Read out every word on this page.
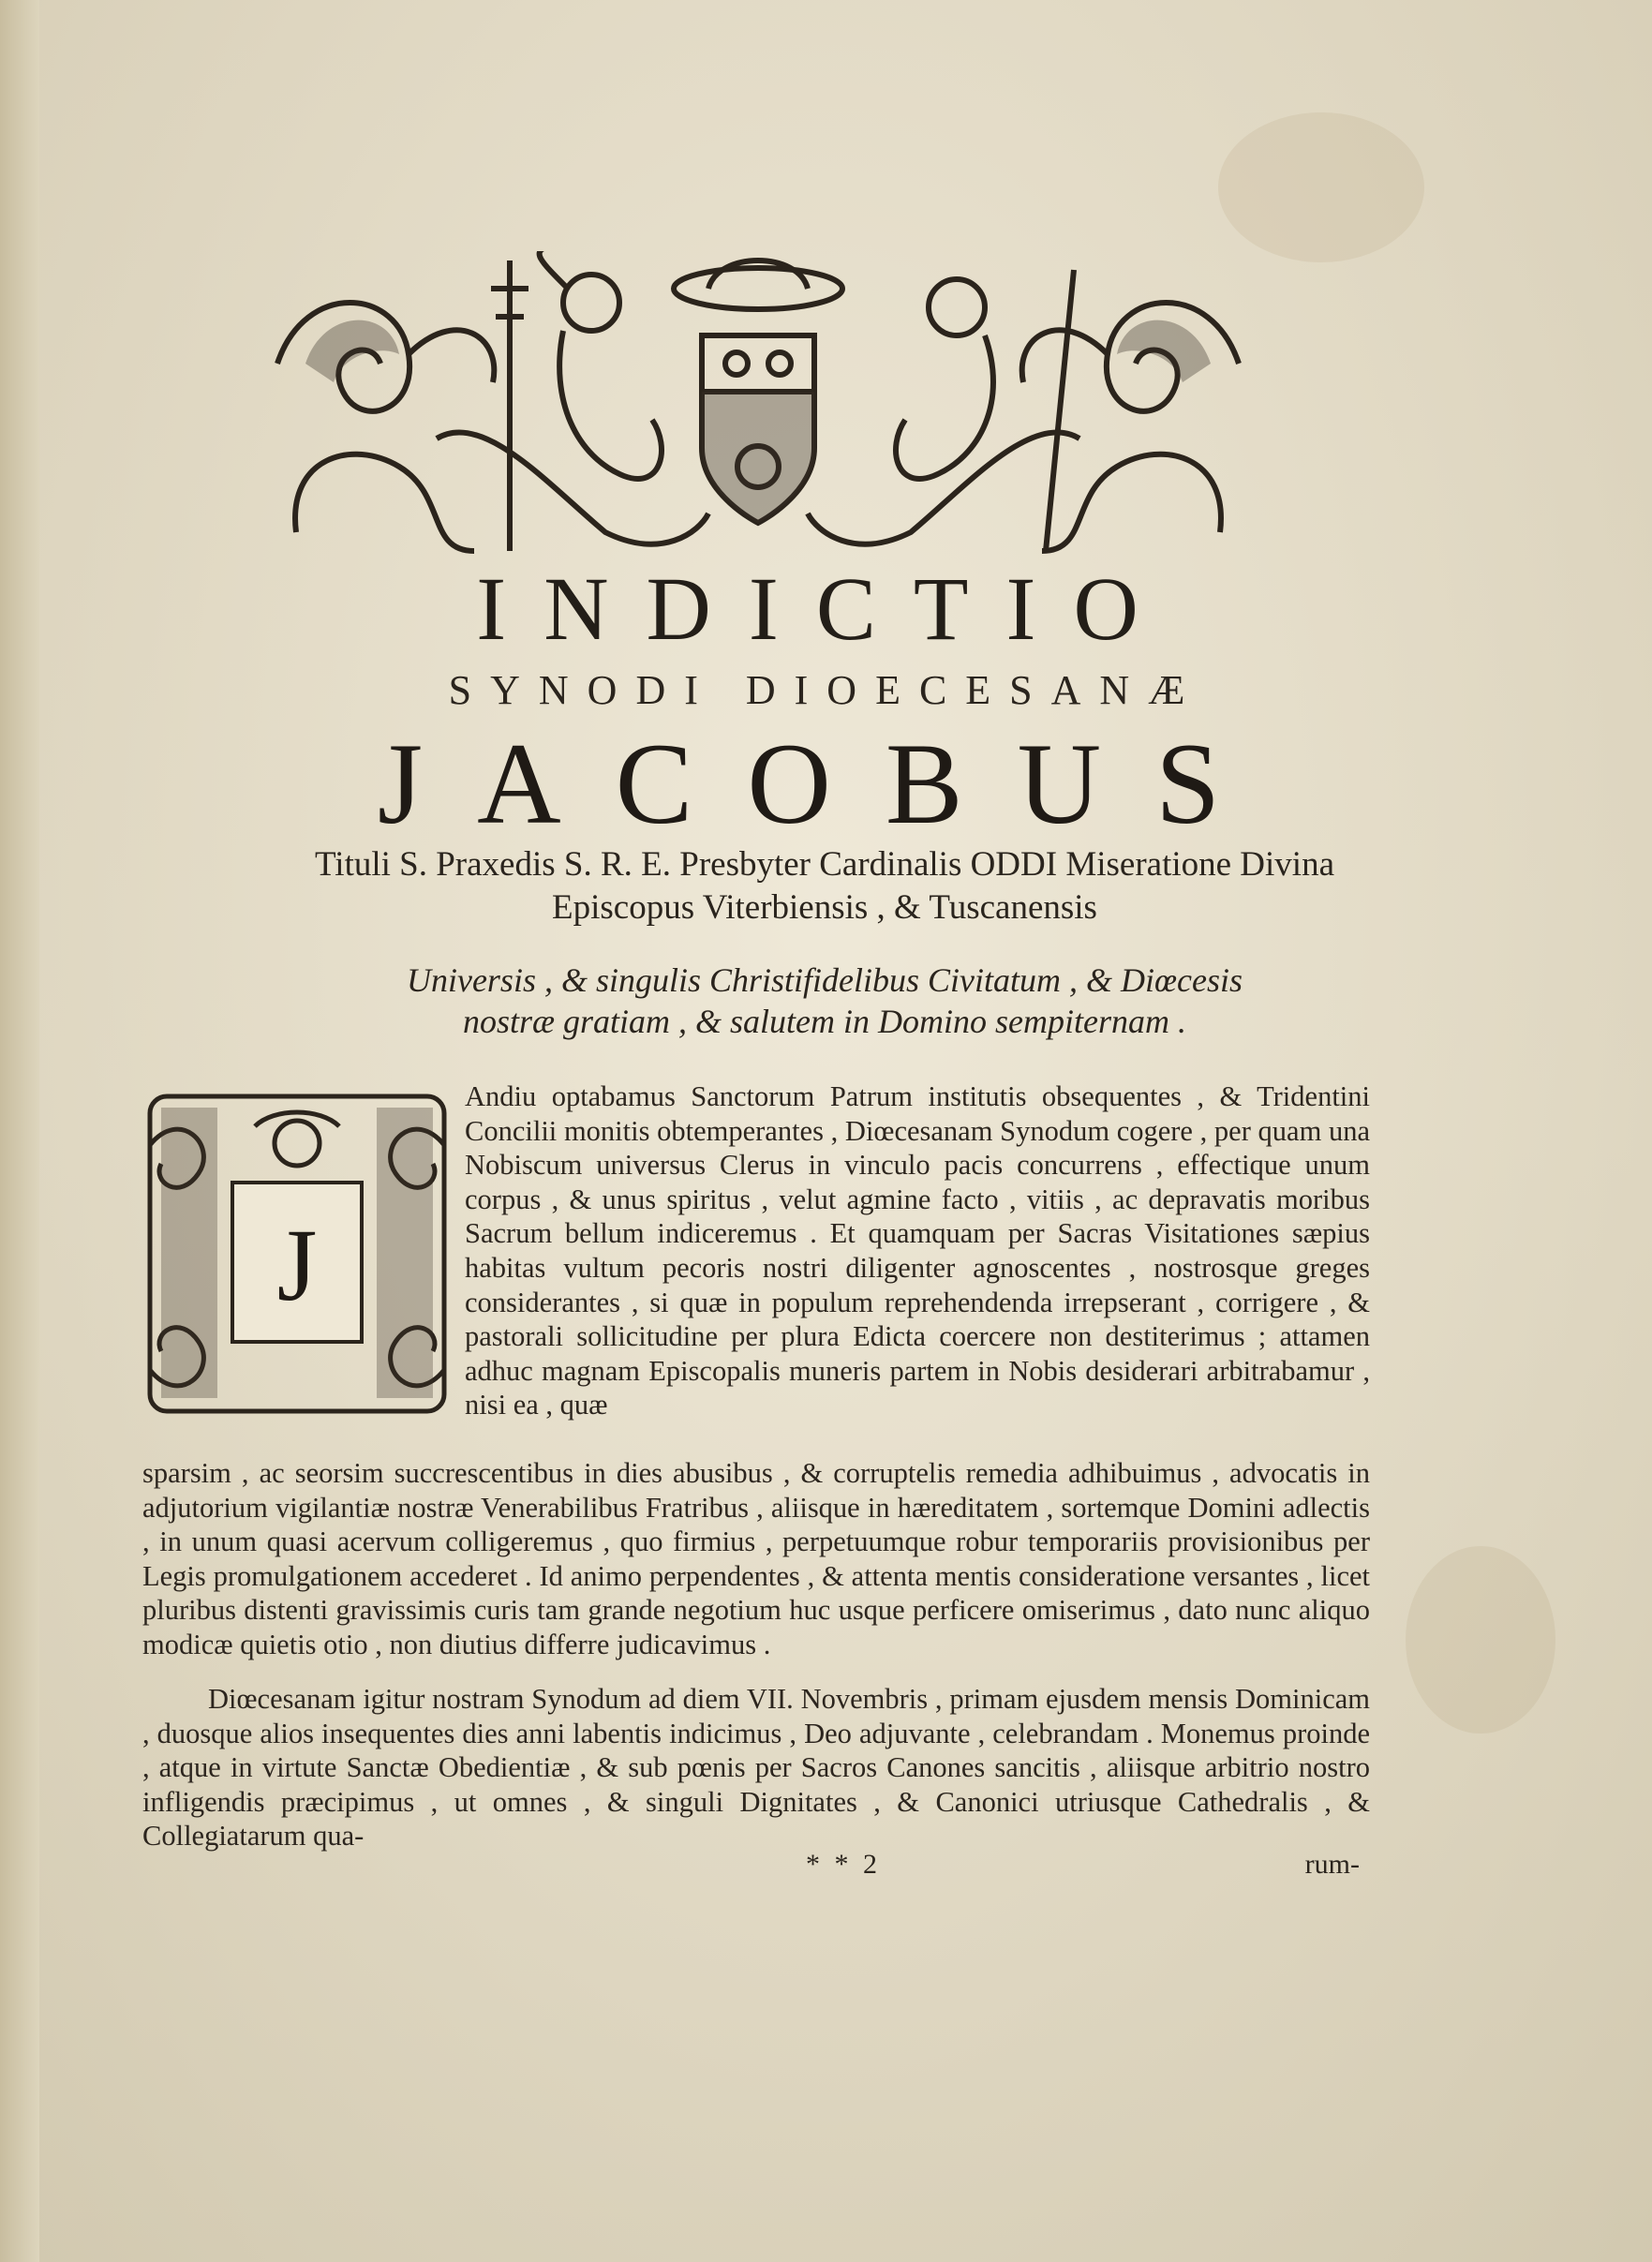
INDICTIO
SYNODI DIOECESANÆ
JACOBUS
Tituli S. Praxedis S. R. E. Presbyter Cardinalis ODDI Miseratione Divina
Episcopus Viterbiensis , & Tuscanensis
Universis , & singulis Christifidelibus Civitatum , & Diœcesis
nostræ gratiam , & salutem in Domino sempiternam .
J
Andiu optabamus Sanctorum Patrum institutis obsequentes , & Tridentini Concilii monitis obtemperantes , Diœcesanam Synodum cogere , per quam una Nobiscum universus Clerus in vinculo pacis concurrens , effectique unum corpus , & unus spiritus , velut agmine facto , vitiis , ac depravatis moribus Sacrum bellum indiceremus . Et quamquam per Sacras Visitationes sæpius habitas vultum pecoris nostri diligenter agnoscentes , nostrosque greges considerantes , si quæ in populum reprehendenda irrepserant , corrigere , & pastorali sollicitudine per plura Edicta coercere non destiterimus ; attamen adhuc magnam Episcopalis muneris partem in Nobis desiderari arbitrabamur , nisi ea , quæ
sparsim , ac seorsim succrescentibus in dies abusibus , & corruptelis remedia adhibuimus , advocatis in adjutorium vigilantiæ nostræ Venerabilibus Fratribus , aliisque in hæreditatem , sortemque Domini adlectis , in unum quasi acervum colligeremus , quo firmius , perpetuumque robur temporariis provisionibus per Legis promulgationem accederet . Id animo perpendentes , & attenta mentis consideratione versantes , licet pluribus distenti gravissimis curis tam grande negotium huc usque perficere omiserimus , dato nunc aliquo modicæ quietis otio , non diutius differre judicavimus .
Diœcesanam igitur nostram Synodum ad diem VII. Novembris , primam ejusdem mensis Dominicam , duosque alios insequentes dies anni labentis indicimus , Deo adjuvante , celebrandam . Monemus proinde , atque in virtute Sanctæ Obedientiæ , & sub pœnis per Sacros Canones sancitis , aliisque arbitrio nostro infligendis præcipimus , ut omnes , & singuli Dignitates , & Canonici utriusque Cathedralis , & Collegiatarum qua-
* * 2	rum-
